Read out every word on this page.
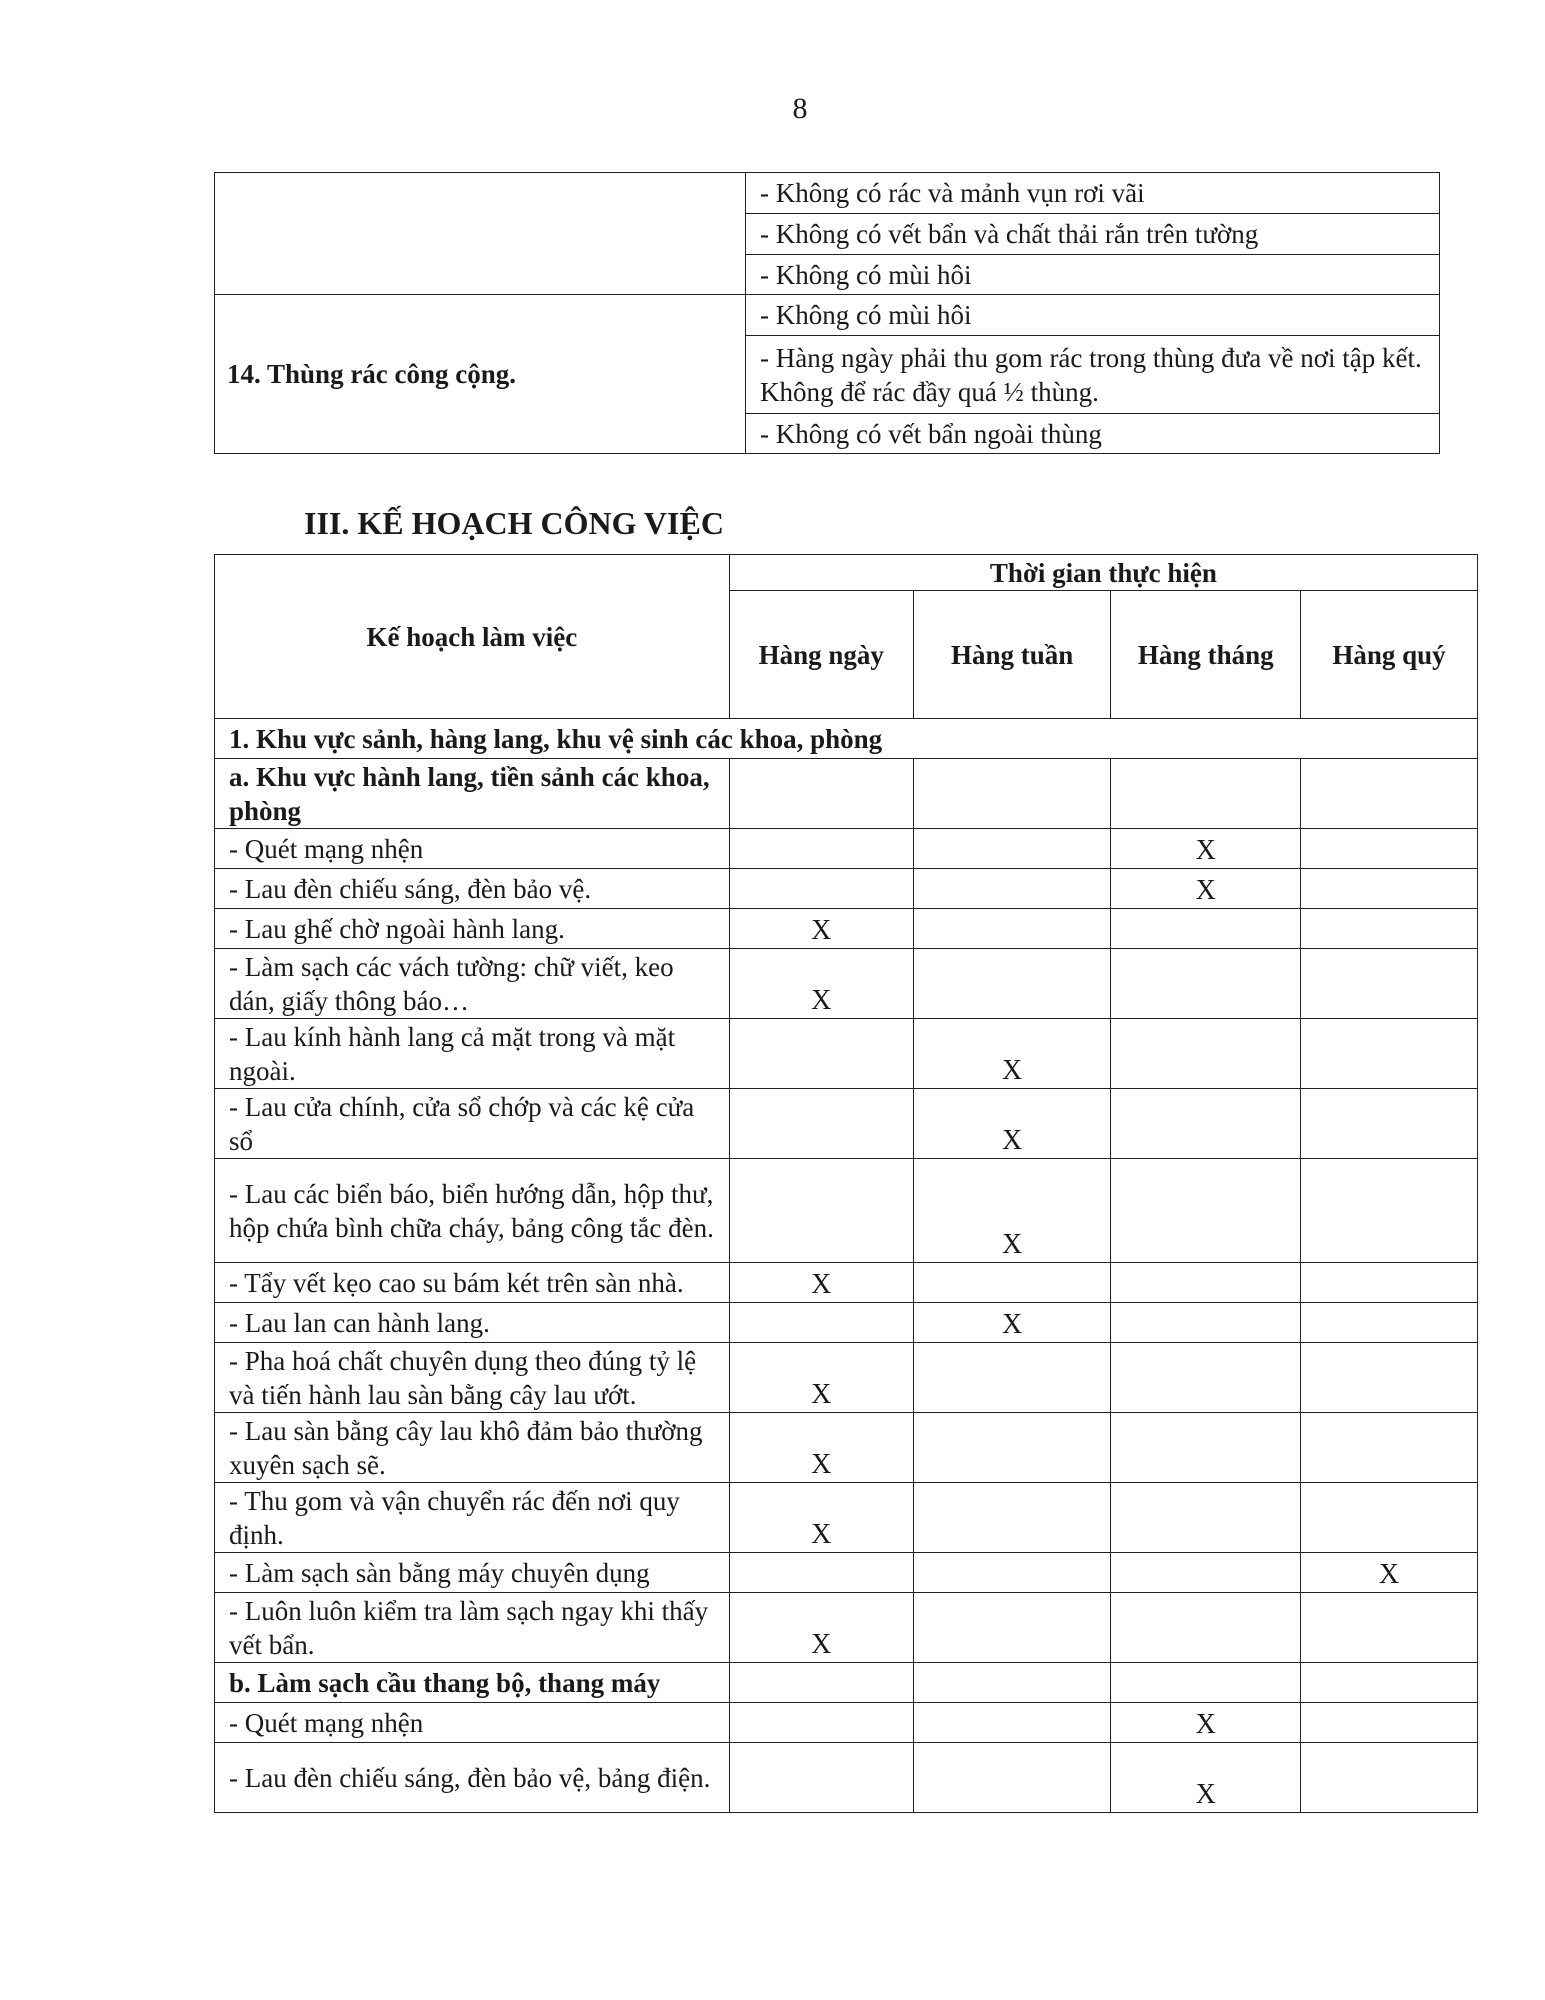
8
	- Không có rác và mảnh vụn rơi vãi
	- Không có vết bẩn và chất thải rắn trên tường
	- Không có mùi hôi
14. Thùng rác công cộng.	- Không có mùi hôi
	- Hàng ngày phải thu gom rác trong thùng đưa về nơi tập kết. Không để rác đầy quá ½ thùng.
	- Không có vết bẩn ngoài thùng
III. KẾ HOẠCH CÔNG VIỆC
Kế hoạch làm việc	Thời gian thực hiện			
	Hàng ngày	Hàng tuần	Hàng tháng	Hàng quý
1. Khu vực sảnh, hàng lang, khu vệ sinh các khoa, phòng				
a. Khu vực hành lang, tiền sảnh các khoa, phòng				
- Quét mạng nhện			X	
- Lau đèn chiếu sáng, đèn bảo vệ.			X	
- Lau ghế chờ ngoài hành lang.	X			
- Làm sạch các vách tường: chữ viết, keo dán, giấy thông báo…	X			
- Lau kính hành lang cả mặt trong và mặt ngoài.		X		
- Lau cửa chính, cửa sổ chớp và các kệ cửa sổ		X		
- Lau các biển báo, biển hướng dẫn, hộp thư, hộp chứa bình chữa cháy, bảng công tắc đèn.		X		
- Tẩy vết kẹo cao su bám két trên sàn nhà.	X			
- Lau lan can hành lang.		X		
- Pha hoá chất chuyên dụng theo đúng tỷ lệ và tiến hành lau sàn bằng cây lau ướt.	X			
- Lau sàn bằng cây lau khô đảm bảo thường xuyên sạch sẽ.	X			
- Thu gom và vận chuyển rác đến nơi quy định.	X			
- Làm sạch sàn bằng máy chuyên dụng				X
- Luôn luôn kiểm tra làm sạch ngay khi thấy vết bẩn.	X			
b. Làm sạch cầu thang bộ, thang máy				
- Quét mạng nhện			X	
- Lau đèn chiếu sáng, đèn bảo vệ, bảng điện.			X	
